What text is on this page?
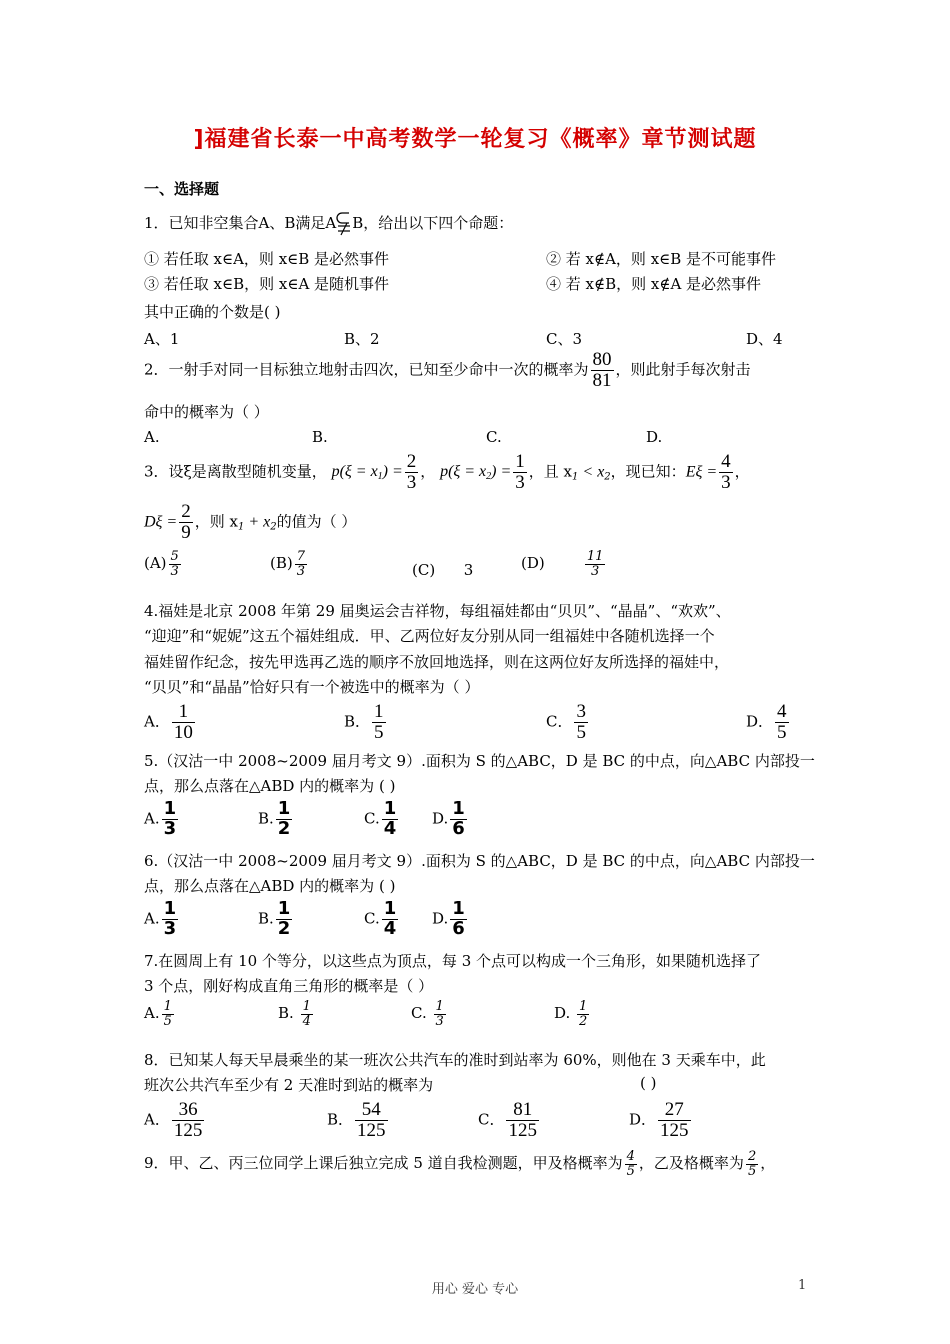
]福建省长泰一中高考数学一轮复习《概率》章节测试题
一、选择题
1．已知非空集合A、B满足A B，给出以下四个命题：
① 若任取 x∈A，则 x∈B 是必然事件	② 若 x∉A，则 x∈B 是不可能事件
③ 若任取 x∈B，则 x∈A 是随机事件	④ 若 x∉B，则 x∉A 是必然事件
其中正确的个数是( )
A、1	B、2	C、3	D、4
2．一射手对同一目标独立地射击四次，已知至少命中一次的概率为 $\frac{80}{81}$ ，则此射手每次射击
命中的概率为（ ）
A.	B.	C.	D.
3．设ξ是离散型随机变量， $p(\xi = x_1) = \frac{2}{3}$ ， $p(\xi = x_2) = \frac{1}{3}$ ，且 $x_1 < x_2$，现已知：$E\xi = \frac{4}{3}$ ，
$D\xi = \frac{2}{9}$ ，则 $x_1 + x_2$的值为（ ）
$(A) \frac{5}{3}$	$(B) \frac{7}{3}$	(C) 3	(D)	$\frac{11}{3}$
4.福娃是北京 2008 年第 29 届奥运会吉祥物，每组福娃都由“贝贝”、“晶晶”、“欢欢”、
“迎迎”和“妮妮”这五个福娃组成．甲、乙两位好友分别从同一组福娃中各随机选择一个
福娃留作纪念，按先甲选再乙选的顺序不放回地选择，则在这两位好友所选择的福娃中，
“贝贝”和“晶晶”恰好只有一个被选中的概率为（ ）
A． $\frac{1}{10}$	B． $\frac{1}{5}$	C． $\frac{3}{5}$	D． $\frac{4}{5}$
5.（汉沽一中 2008~2009 届月考文 9）.面积为 S 的△ABC，D 是 BC 的中点，向△ABC 内部投一
点，那么点落在△ABD 内的概率为 ( )
A. $\frac{1}{3}$	B. $\frac{1}{2}$	C. $\frac{1}{4} D$. $\frac{1}{6}$
6.（汉沽一中 2008~2009 届月考文 9）.面积为 S 的△ABC，D 是 BC 的中点，向△ABC 内部投一
点，那么点落在△ABD 内的概率为 ( )
A. $\frac{1}{3}$	B. $\frac{1}{2}$	C. $\frac{1}{4} D$. $\frac{1}{6}$
7.在圆周上有 10 个等分，以这些点为顶点，每 3 个点可以构成一个三角形，如果随机选择了
3 个点，刚好构成直角三角形的概率是（ ）
A. $\frac{1}{5}$	B. $\frac{1}{4}$	C. $\frac{1}{3}$	D. $\frac{1}{2}$
8．已知某人每天早晨乘坐的某一班次公共汽车的准时到站率为 60%，则他在 3 天乘车中，此
班次公共汽车至少有 2 天准时到站的概率为	( )
A． $\frac{36}{125}$	B． $\frac{54}{125}$	C． $\frac{81}{125}$	D． $\frac{27}{125}$
9．甲、乙、丙三位同学上课后独立完成 5 道自我检测题，甲及格概率为 $\frac{4}{5}$ ，乙及格概率为 $\frac{2}{5}$ ，
用心 爱心 专心	1
